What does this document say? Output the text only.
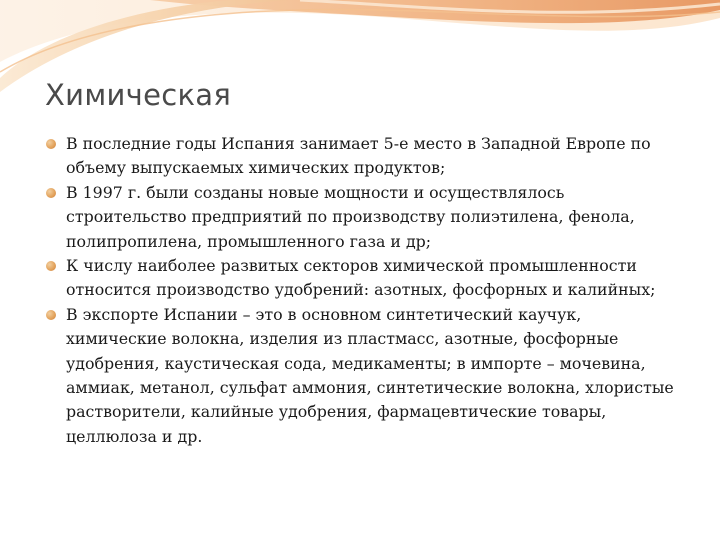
Химическая
В последние годы Испания занимает 5-е место в Западной Европе по объему выпускаемых химических продуктов;
В 1997 г. были созданы новые мощности и осуществлялось строительство предприятий по производству полиэтилена, фенола, полипропилена, промышленного газа и др;
К числу наиболее развитых секторов химической промышленности относится производство удобрений: азотных, фосфорных и калийных;
В экспорте Испании – это в основном синтетический каучук, химические волокна, изделия из пластмасс, азотные, фосфорные удобрения, каустическая сода, медикаменты; в импорте – мочевина, аммиак, метанол, сульфат аммония, синтетические волокна, хлористые растворители, калийные удобрения, фармацевтические товары, целлюлоза и др.
